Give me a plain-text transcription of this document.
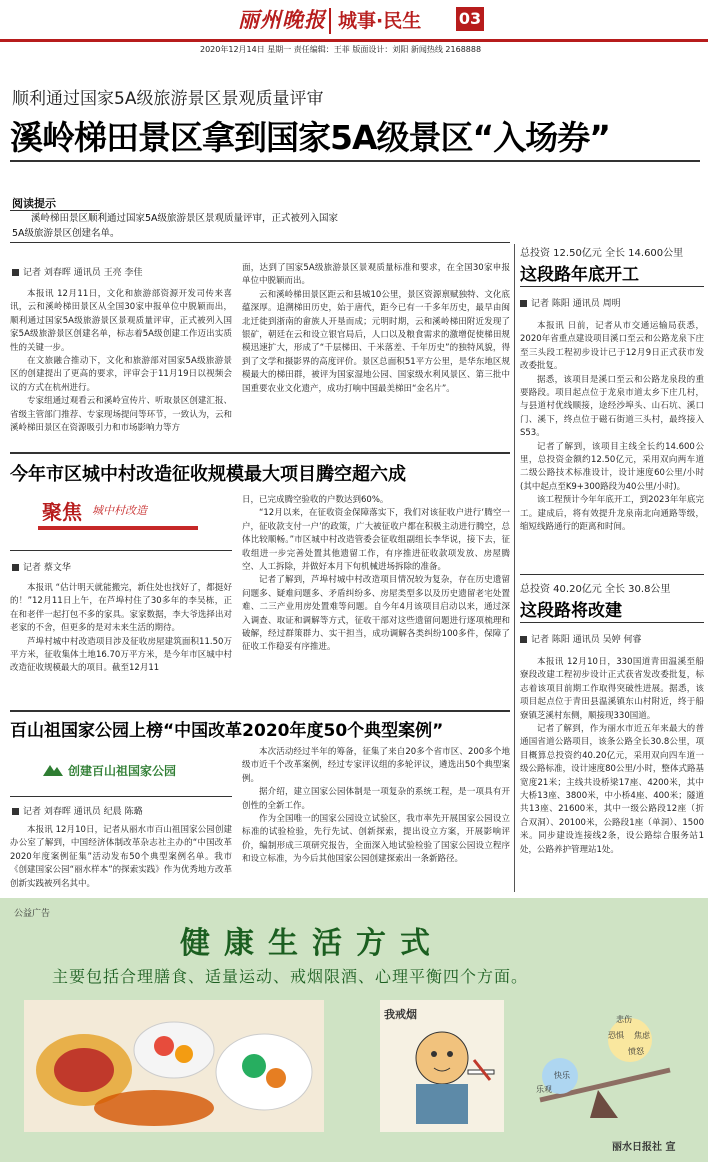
丽州晚报 城事·民生 03
2020年12月14日 星期一 责任编辑：王菲 版面设计：刘阳 新闻热线 2168888
顺利通过国家5A级旅游景区景观质量评审
溪岭梯田景区拿到国家5A级景区“入场券”
阅读提示

溪岭梯田景区顺利通过国家5A级旅游景区景观质量评审，正式被列入国家5A级旅游景区创建名单。

记者 刘春晖 通讯员 王亮 李佳

本报讯 12月11日，文化和旅游部资源开发司传来喜讯，云和溪岭梯田景区从全国30家申报单位中脱颖而出，顺利通过国家5A级旅游景区景观质量评审，正式被列入国家5A级旅游景区创建名单，标志着5A级创建工作迈出实质性的关键一步。

在文旅融合推动下，文化和旅游部对国家5A级旅游景区的创建提出了更高的要求，评审会于11月19日以视频会议的方式在杭州进行。

专家组通过观看云和溪岭宣传片、听取景区创建汇报、省级主管部门推荐、专家现场提问等环节，一致认为，云和溪岭梯田景区在资源吸引力和市场影响力等方

面，达到了国家5A级旅游景区景观质量标准和要求，在全国30家申报单位中脱颖而出。

云和溪岭梯田景区距云和县城10公里，景区资源禀赋独特、文化底蕴深厚。追溯梯田历史，始于唐代，距今已有一千多年历史，最早由闽北迁徙到浙南的畲族人开垦而成；元明时期，云和溪岭梯田附近发现了银矿，朝廷在云和设立银官局后，人口以及粮食需求的激增促使梯田规模迅速扩大，形成了“千层梯田、千米落差、千年历史”的独特风貌，得到了文学和摄影界的高度评价。景区总面积51平方公里，是华东地区规模最大的梯田群，被评为国家湿地公园、国家级水利风景区、第三批中国重要农业文化遗产，成功打响中国最美梯田“金名片”。

总投资 12.50亿元 全长 14.600公里
这段路年底开工
记者 陈阳 通讯员 周明

本报讯 日前，记者从市交通运输局获悉，2020年省重点建设项目溪口至云和公路龙泉下庄至三头段工程初步设计已于12月9日正式获市发改委批复。

据悉，该项目是溪口至云和公路龙泉段的重要路段。项目起点位于龙泉市道太乡下庄几村，与县道村优线顺接，途经沙埠头、山石坑、溪口门、溪下，终点位于磁石街道三头村，最终接入S53。

记者了解到，该项目主线全长约14.600公里，总投资金额约12.50亿元，采用双向两车道二级公路技术标准设计，设计速度60公里/小时(其中起点至K9+300路段为40公里/小时)。

该工程预计今年年底开工，到2023年年底完工。建成后，将有效提升龙泉南北向通路等级，缩短线路通行的距离和时间。

总投资 40.20亿元 全长 30.8公里
这段路将改建
记者 陈阳 通讯员 吴婷 何睿

本报讯 12月10日，330国道青田温溪至船寮段改建工程初步设计正式获省发改委批复，标志着该项目前期工作取得突破性进展。据悉，该项目起点位于青田县温溪镇东山村附近，终于船寮镇芝溪村东侧，顺接现330国道。

记者了解到，作为丽水市近五年来最大的普通国省道公路项目，该条公路全长30.8公里，项目概算总投资约40.20亿元，采用双向四车道一级公路标准，设计速度80公里/小时，整体式路基宽度21米；主线共设桥梁17座、4200米，其中大桥13座、3800米，中小桥4座、400米；隧道共13座、21600米，其中一级公路段12座（折合双洞）、20100米，公路段1座（单洞）、1500米。同步建设连接线2条，设公路综合服务站1处，公路养护管理站1处。

今年市区城中村改造征收规模最大项目腾空超六成
聚焦 城中村改造
记者 蔡文华

本报讯 “估计明天就能搬完，新住处也找好了，都挺好的！”12月11日上午，在芦埠村住了30多年的李吴栋，正在和老伴一起打包不多的家具。家家数据，李大爷选择出对老家的不舍，但更多的是对未来生活的期待。

芦埠村城中村改造项目涉及征收房屋建筑面积11.50万平方米，征收集体土地16.70万平方米，是今年市区城中村改造征收规模最大的项目。截至12月11

日，已完成腾空验收的户数达到60%。

“12月以来，在征收资金保障落实下，我们对该征收户进行‘腾空一户，征收款支付一户’的政策，广大被征收户都在积极主动进行腾空，总体比较顺畅。”市区城中村改造管委会征收组副组长李华说，接下去，征收组进一步完善处置其他遗留工作，有序推进征收款项发放、房屋腾空、人工拆除，并做好本月下旬机械进场拆除的准备。

记者了解到，芦埠村城中村改造项目情况较为复杂，存在历史遗留问题多、疑难问题多、矛盾纠纷多、房屋类型多以及历史遗留老宅处置难、二三产业用房处置难等问题。自今年4月该项目启动以来，通过深入调查、取证和调解等方式，征收干部对这些遗留问题进行逐项梳理和破解，经过群策群力、实干担当，成功调解各类纠纷100多件，保障了征收工作稳妥有序推进。

百山祖国家公园上榜“中国改革2020年度50个典型案例”
创建百山祖国家公园
记者 刘春晖 通讯员 纪晨 陈璐

本报讯 12月10日，记者从丽水市百山祖国家公园创建办公室了解到，中国经济体制改革杂志社主办的“中国改革2020年度案例征集”活动发布50个典型案例名单。我市《创建国家公园“丽水样本”的探索实践》作为优秀地方改革创新实践被列名其中。

本次活动经过半年的筹备，征集了来自20多个省市区、200多个地级市近千个改革案例，经过专家评议组的多轮评议，遴选出50个典型案例。

据介绍，建立国家公园体制是一项复杂的系统工程，是一项具有开创性的全新工作。

作为全国唯一的国家公园设立试验区，我市率先开展国家公园设立标准的试验检验，先行先试、创新探索，提出设立方案，开展影响评价，编制形成三项研究报告，全面深入地试验检验了国家公园设立程序和设立标准，为今后其他国家公园创建探索出一条新路径。

公益广告
健康生活方式
主要包括合理膳食、适量运动、戒烟限酒、心理平衡四个方面。
我戒烟	悲伤
恐惧 焦虑
愤怒
快乐
乐观
丽水日报社 宣
